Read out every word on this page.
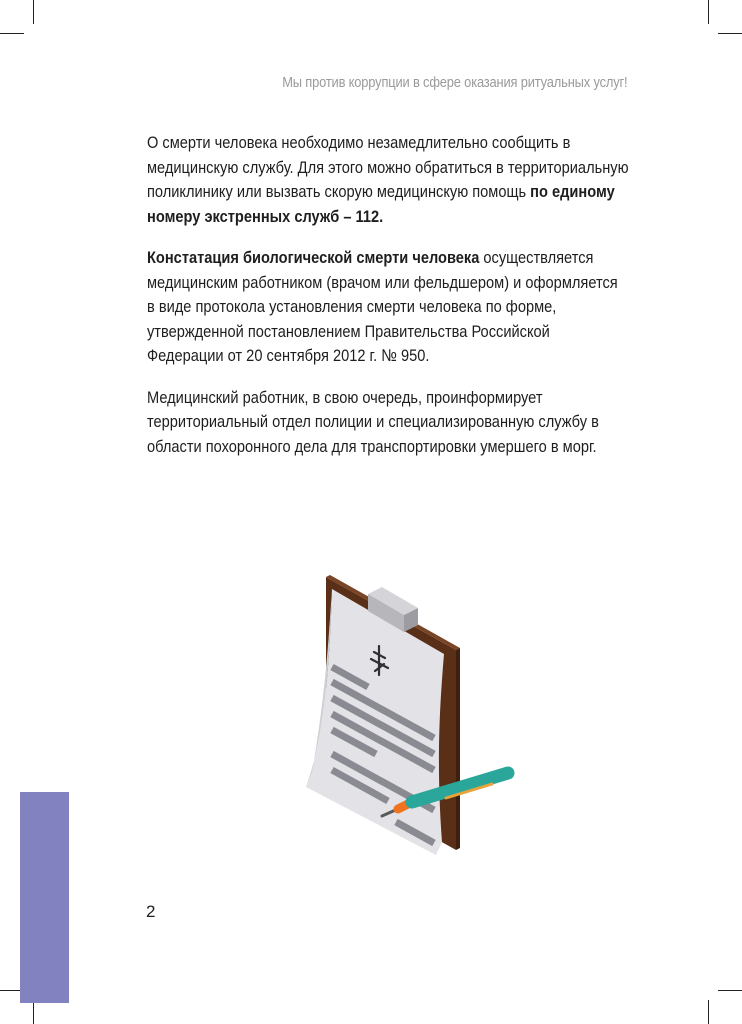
Мы против коррупции в сфере оказания ритуальных услуг!

О смерти человека необходимо незамедлительно сообщить в медицинскую службу. Для этого можно обратиться в территориальную поликлинику или вызвать скорую медицинскую помощь по единому номеру экстренных служб – 112.

Констатация биологической смерти человека осуществляется медицинским работником (врачом или фельдшером) и оформляется в виде протокола установления смерти человека по форме, утвержденной постановлением Правительства Российской Федерации от 20 сентября 2012 г. № 950.

Медицинский работник, в свою очередь, проинформирует территориальный отдел полиции и специализированную службу в области похоронного дела для транспортировки умершего в морг.

2
